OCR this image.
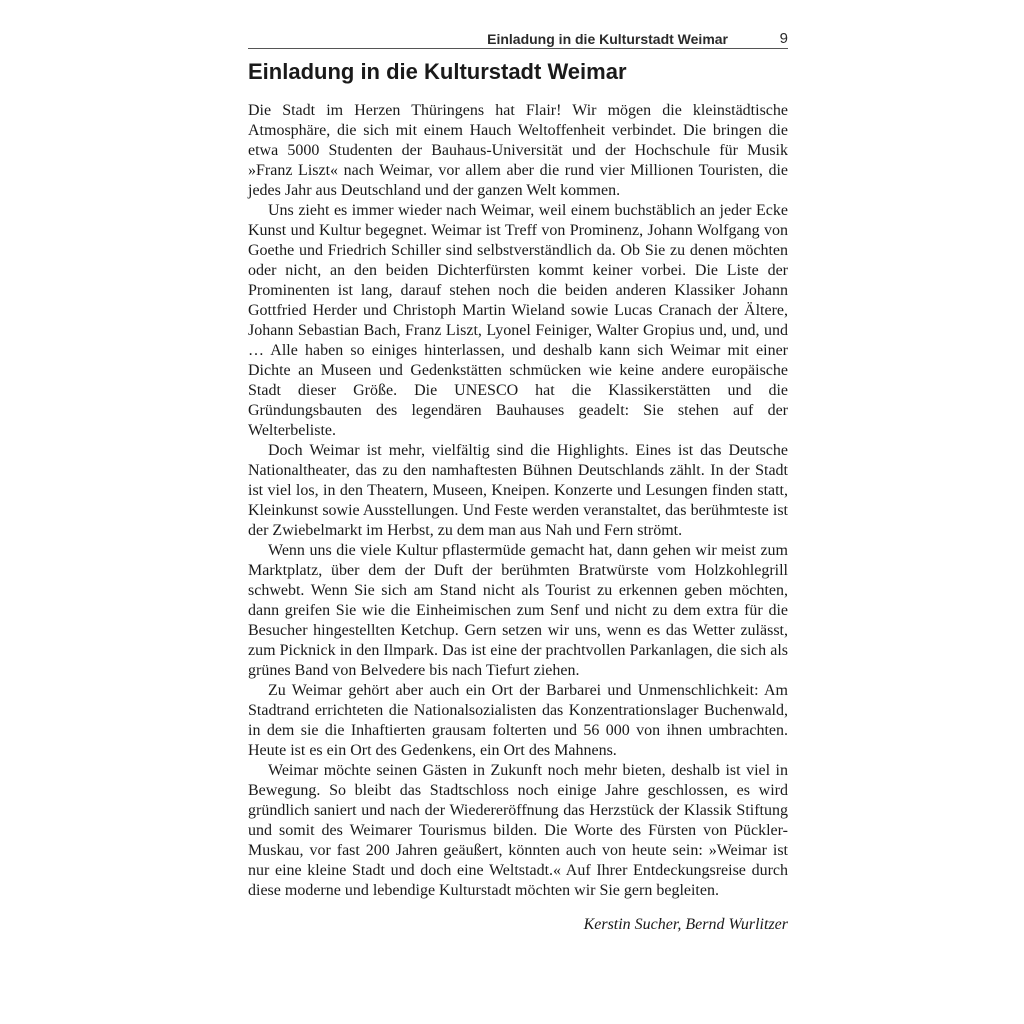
Einladung in die Kulturstadt Weimar	9
Einladung in die Kulturstadt Weimar

Die Stadt im Herzen Thüringens hat Flair! Wir mögen die kleinstädtische Atmosphäre, die sich mit einem Hauch Weltoffenheit verbindet. Die bringen die etwa 5000 Studenten der Bauhaus-Universität und der Hochschule für Musik »Franz Liszt« nach Weimar, vor allem aber die rund vier Millionen Touristen, die jedes Jahr aus Deutschland und der ganzen Welt kommen.

Uns zieht es immer wieder nach Weimar, weil einem buchstäblich an jeder Ecke Kunst und Kultur begegnet. Weimar ist Treff von Prominenz, Johann Wolfgang von Goethe und Friedrich Schiller sind selbstverständlich da. Ob Sie zu denen möchten oder nicht, an den beiden Dichterfürsten kommt keiner vorbei. Die Liste der Prominenten ist lang, darauf stehen noch die beiden anderen Klassiker Johann Gottfried Herder und Christoph Martin Wieland sowie Lucas Cranach der Ältere, Johann Sebastian Bach, Franz Liszt, Lyonel Feiniger, Walter Gropius und, und, und … Alle haben so einiges hinterlassen, und deshalb kann sich Weimar mit einer Dichte an Museen und Gedenkstätten schmücken wie keine andere europäische Stadt dieser Größe. Die UNESCO hat die Klassikerstätten und die Gründungsbauten des legendären Bauhauses geadelt: Sie stehen auf der Welterbeliste.

Doch Weimar ist mehr, vielfältig sind die Highlights. Eines ist das Deutsche Nationaltheater, das zu den namhaftesten Bühnen Deutschlands zählt. In der Stadt ist viel los, in den Theatern, Museen, Kneipen. Konzerte und Lesungen finden statt, Kleinkunst sowie Ausstellungen. Und Feste werden veranstaltet, das berühmteste ist der Zwiebelmarkt im Herbst, zu dem man aus Nah und Fern strömt.

Wenn uns die viele Kultur pflastermüde gemacht hat, dann gehen wir meist zum Marktplatz, über dem der Duft der berühmten Bratwürste vom Holzkohlegrill schwebt. Wenn Sie sich am Stand nicht als Tourist zu erkennen geben möchten, dann greifen Sie wie die Einheimischen zum Senf und nicht zu dem extra für die Besucher hingestellten Ketchup. Gern setzen wir uns, wenn es das Wetter zulässt, zum Picknick in den Ilmpark. Das ist eine der prachtvollen Parkanlagen, die sich als grünes Band von Belvedere bis nach Tiefurt ziehen.

Zu Weimar gehört aber auch ein Ort der Barbarei und Unmenschlichkeit: Am Stadtrand errichteten die Nationalsozialisten das Konzentrationslager Buchenwald, in dem sie die Inhaftierten grausam folterten und 56 000 von ihnen umbrachten. Heute ist es ein Ort des Gedenkens, ein Ort des Mahnens.

Weimar möchte seinen Gästen in Zukunft noch mehr bieten, deshalb ist viel in Bewegung. So bleibt das Stadtschloss noch einige Jahre geschlossen, es wird gründlich saniert und nach der Wiedereröffnung das Herzstück der Klassik Stiftung und somit des Weimarer Tourismus bilden. Die Worte des Fürsten von Pückler-Muskau, vor fast 200 Jahren geäußert, könnten auch von heute sein: »Weimar ist nur eine kleine Stadt und doch eine Weltstadt.« Auf Ihrer Entdeckungsreise durch diese moderne und lebendige Kulturstadt möchten wir Sie gern begleiten.

Kerstin Sucher, Bernd Wurlitzer
